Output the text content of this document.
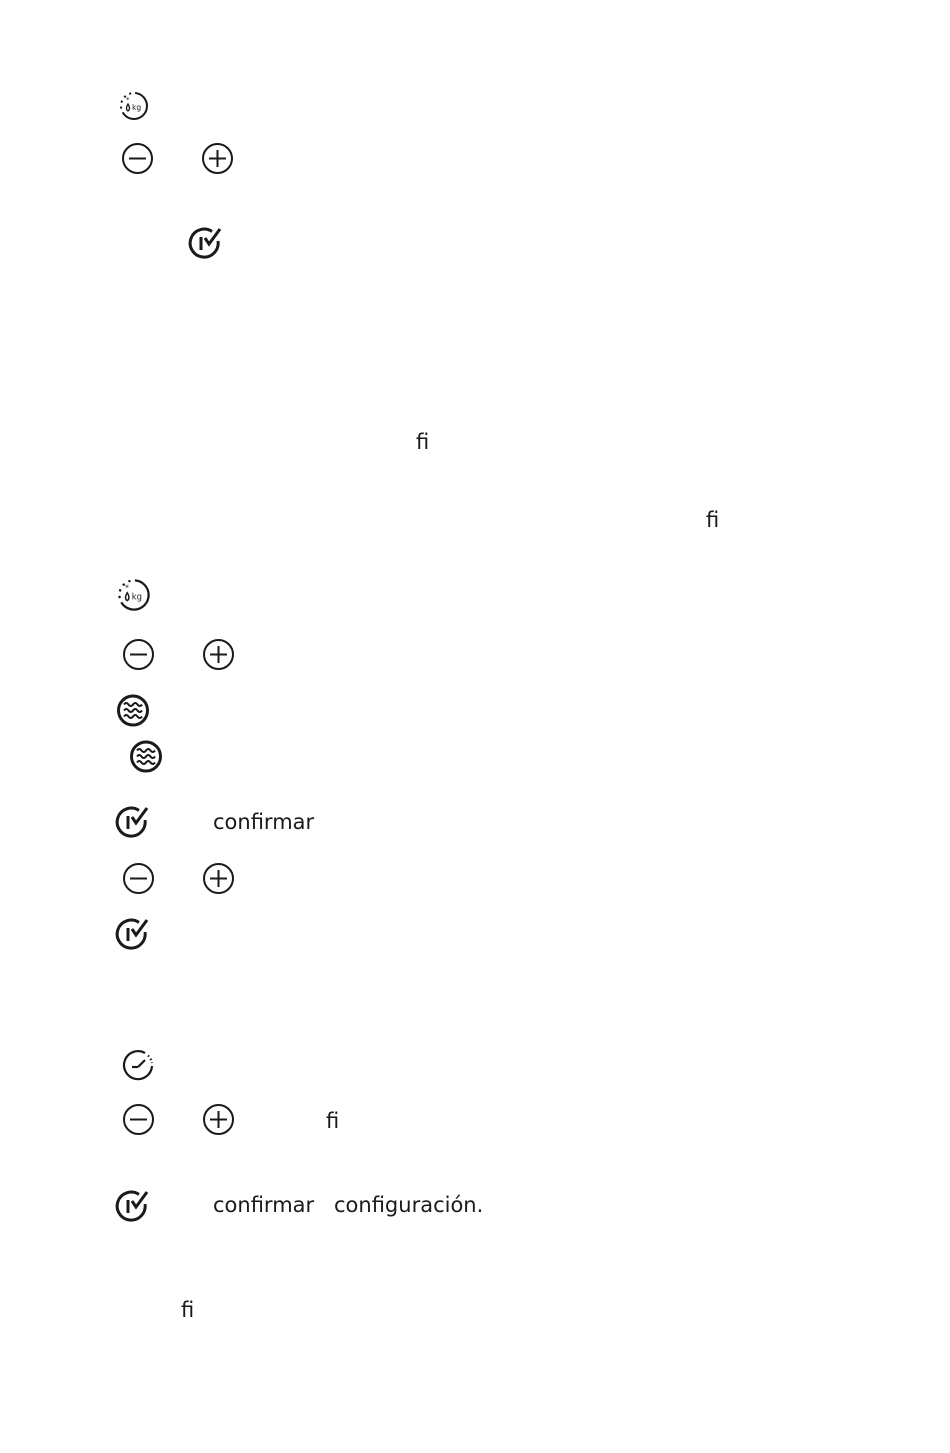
*
kg
ﬁ
ﬁ
*
kg
conﬁrmar
ﬁ
conﬁrmar conﬁguración.
ﬁ
